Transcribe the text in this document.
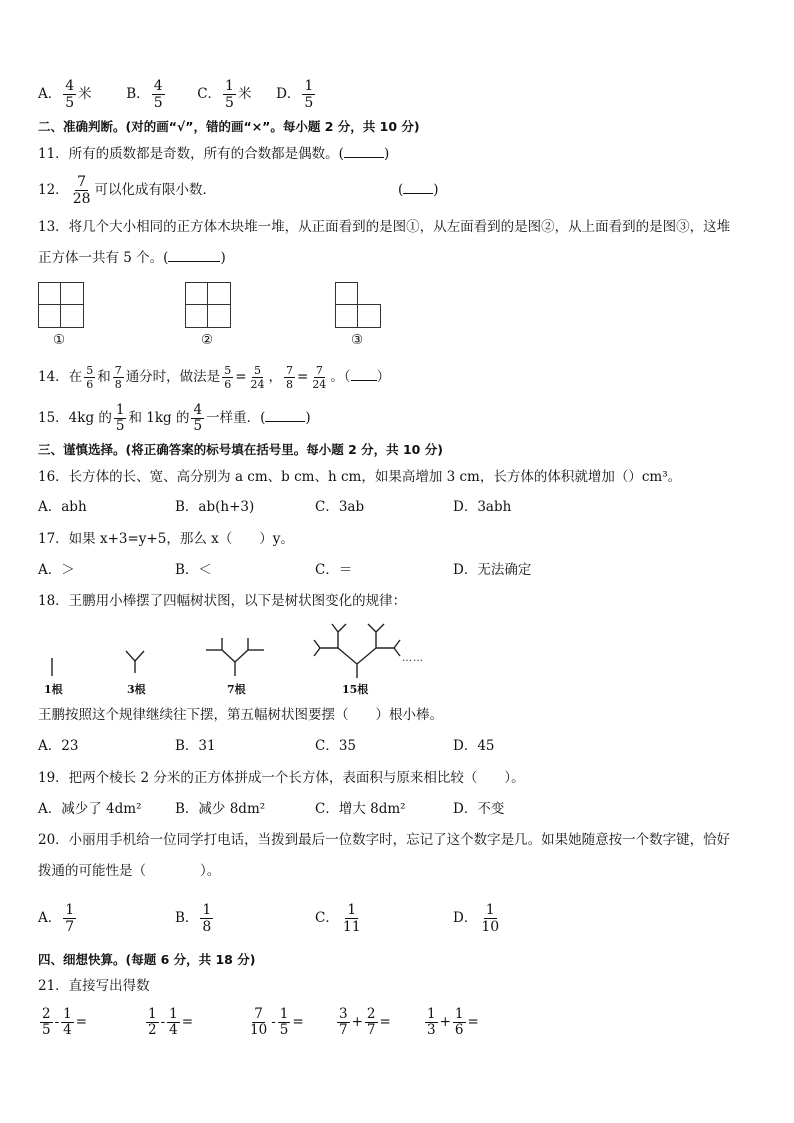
A． $\frac{4}{5}$ 米	B． $\frac{4}{5}$ C． $\frac{1}{5}$ 米 D． $\frac{1}{5}$
二、准确判断。(对的画“√”，错的画“×”。每小题 2 分，共 10 分)
11．所有的质数都是奇数，所有的合数都是偶数。(	)
12． $\frac{7}{28}$ 可以化成有限小数．	( )
13．将几个大小相同的正方体木块堆一堆，从正面看到的是图①，从左面看到的是图②，从上面看到的是图③，这堆
正方体一共有 5 个。(	)
①	②	③
14．在 $\frac{5}{6}$ 和 $\frac{7}{8}$ 通分时，做法是 $\frac{5}{6} = \frac{5}{24}$ ， $\frac{7}{8} = \frac{7}{24}$ 。（ ）
15．4kg 的 $\frac{1}{5}$ 和 1kg 的 $\frac{4}{5}$ 一样重．(	)
三、谨慎选择。(将正确答案的标号填在括号里。每小题 2 分，共 10 分)
16．长方体的长、宽、高分别为 a cm、b cm、h cm，如果高增加 3 cm，长方体的体积就增加（）cm³。
A．abh	B．ab(h+3)	C．3ab	D．3abh
17．如果 x+3=y+5，那么 x（　　）y。
A．＞	B．＜	C．＝	D．无法确定
18．王鹏用小棒摆了四幅树状图，以下是树状图变化的规律：
1根	3根	7根	15根
……
王鹏按照这个规律继续往下摆，第五幅树状图要摆（　　）根小棒。
A．23	B．31	C．35	D．45
19．把两个棱长 2 分米的正方体拼成一个长方体，表面积与原来相比较（　　）。
A．减少了 4dm² B．减少 8dm²	C．增大 8dm²	D．不变
20．小丽用手机给一位同学打电话，当拨到最后一位数字时，忘记了这个数字是几。如果她随意按一个数字键，恰好
拨通的可能性是（　　　　）。
A． $\frac{1}{7}$	B． $\frac{1}{8}$	C． $\frac{1}{11}$	D． $\frac{1}{10}$
四、细想快算。(每题 6 分，共 18 分)
21．直接写出得数
$\frac{2}{5} - \frac{1}{4}$ =	$\frac{1}{2} - \frac{1}{4}$ =	$\frac{7}{10} - \frac{1}{5} = \frac{3}{7} + \frac{2}{7}$ =	$\frac{1}{3} + \frac{1}{6}$ =
